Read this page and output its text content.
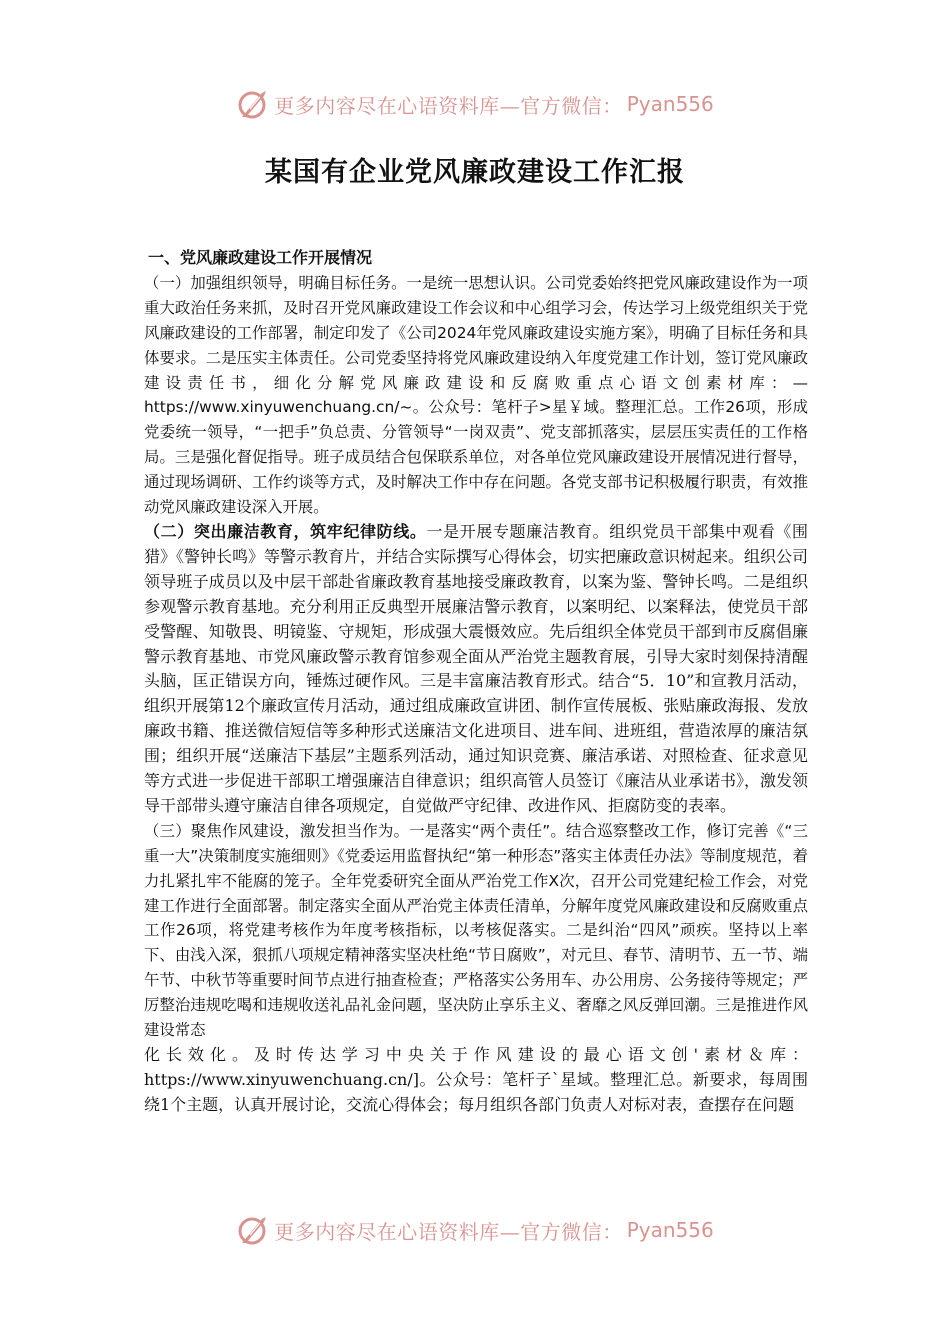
更多内容尽在心语资料库—官方微信： Pyan556
某国有企业党风廉政建设工作汇报

一、党风廉政建设工作开展情况

（一）加强组织领导，明确目标任务。一是统一思想认识。公司党委始终把党风廉政建设作为一项重大政治任务来抓，及时召开党风廉政建设工作会议和中心组学习会，传达学习上级党组织关于党风廉政建设的工作部署，制定印发了《公司2024年党风廉政建设实施方案》，明确了目标任务和具体要求。二是压实主体责任。公司党委坚持将党风廉政建设纳入年度党建工作计划，签订党风廉政建设责任书，细化分解党风廉政建设和反腐败重点心语文创素材库：—https://www.xinyuwenchuang.cn/~。公众号：笔杆子>星￥域。整理汇总。工作26项，形成党委统一领导，“一把手”负总责、分管领导“一岗双责”、党支部抓落实，层层压实责任的工作格局。三是强化督促指导。班子成员结合包保联系单位，对各单位党风廉政建设开展情况进行督导，通过现场调研、工作约谈等方式，及时解决工作中存在问题。各党支部书记积极履行职责，有效推动党风廉政建设深入开展。

（二）突出廉洁教育，筑牢纪律防线。一是开展专题廉洁教育。组织党员干部集中观看《围猎》《警钟长鸣》等警示教育片，并结合实际撰写心得体会，切实把廉政意识树起来。组织公司领导班子成员以及中层干部赴省廉政教育基地接受廉政教育，以案为鉴、警钟长鸣。二是组织参观警示教育基地。充分利用正反典型开展廉洁警示教育，以案明纪、以案释法，使党员干部受警醒、知敬畏、明镜鉴、守规矩，形成强大震慑效应。先后组织全体党员干部到市反腐倡廉警示教育基地、市党风廉政警示教育馆参观全面从严治党主题教育展，引导大家时刻保持清醒头脑，匡正错误方向，锤炼过硬作风。三是丰富廉洁教育形式。结合“5．10”和宣教月活动，组织开展第12个廉政宣传月活动，通过组成廉政宣讲团、制作宣传展板、张贴廉政海报、发放廉政书籍、推送微信短信等多种形式送廉洁文化进项目、进车间、进班组，营造浓厚的廉洁氛围；组织开展“送廉洁下基层”主题系列活动，通过知识竞赛、廉洁承诺、对照检查、征求意见等方式进一步促进干部职工增强廉洁自律意识；组织高管人员签订《廉洁从业承诺书》，激发领导干部带头遵守廉洁自律各项规定，自觉做严守纪律、改进作风、拒腐防变的表率。

（三）聚焦作风建设，激发担当作为。一是落实“两个责任”。结合巡察整改工作，修订完善《“三重一大”决策制度实施细则》《党委运用监督执纪“第一种形态”落实主体责任办法》等制度规范，着力扎紧扎牢不能腐的笼子。全年党委研究全面从严治党工作X次，召开公司党建纪检工作会，对党建工作进行全面部署。制定落实全面从严治党主体责任清单，分解年度党风廉政建设和反腐败重点工作26项，将党建考核作为年度考核指标，以考核促落实。二是纠治“四风”顽疾。坚持以上率下、由浅入深，狠抓八项规定精神落实坚决杜绝“节日腐败”，对元旦、春节、清明节、五一节、端午节、中秋节等重要时间节点进行抽查检查；严格落实公务用车、办公用房、公务接待等规定；严厉整治违规吃喝和违规收送礼品礼金问题，坚决防止享乐主义、奢靡之风反弹回潮。三是推进作风建设常态

化长效化。及时传达学习中央关于作风建设的最心语文创'素材＆库：https://www.xinyuwenchuang.cn/]。公众号：笔杆子`星域。整理汇总。新要求，每周围绕1个主题，认真开展讨论，交流心得体会；每月组织各部门负责人对标对表，查摆存在问题

更多内容尽在心语资料库—官方微信： Pyan556
